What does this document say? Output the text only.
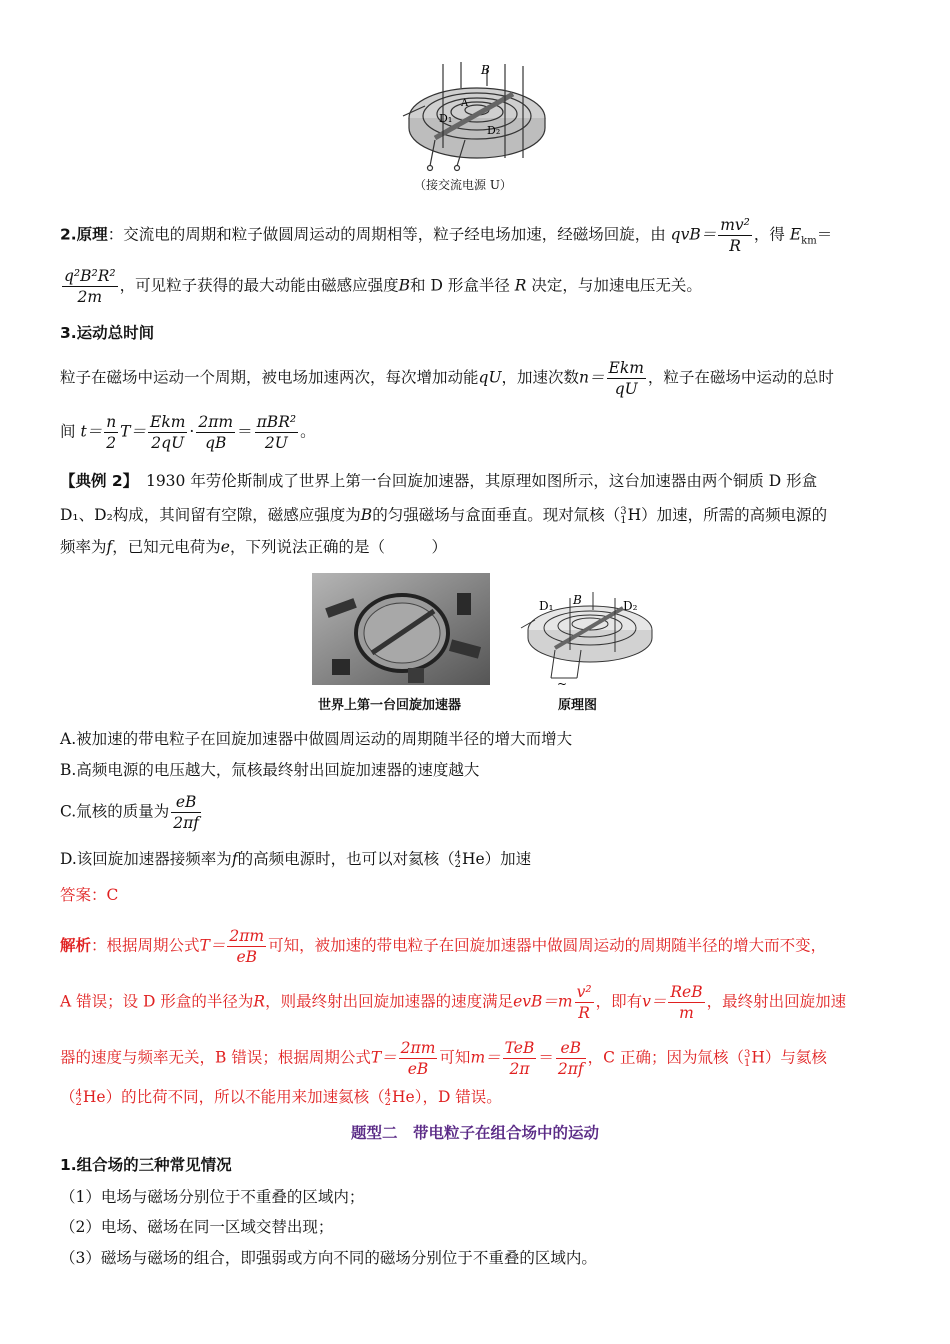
B
A
D₁
D₂
（接交流电源 U）
2.原理：交流电的周期和粒子做圆周运动的周期相等，粒子经电场加速，经磁场回旋，由 $qvB= \frac{\text{mv²}}{R}$ ，得 $E_{km}=$
$\frac{\text{q²B²R²}}{2m}$ ，可见粒子获得的最大动能由磁感应强度B和 D 形盒半径 R 决定，与加速电压无关。
3.运动总时间
粒子在磁场中运动一个周期，被电场加速两次，每次增加动能qU，加速次数$n= \frac{\text{Ekm}}{qU}$ ，粒子在磁场中运动的总时
间 $t= \frac{n}{2} T= \frac{\text{Ekm}}{2qU} \cdot \frac{2\pi m}{qB} = \frac{\text{πBR²}}{2U}$ 。
【典例 2】　 1930 年劳伦斯制成了世界上第一台回旋加速器，其原理如图所示，这台加速器由两个铜质 D 形盒
D₁、D₂构成，其间留有空隙，磁感应强度为B的匀强磁场与盒面垂直。现对氚核（3
1H）加速，所需的高频电源的
频率为f，已知元电荷为e，下列说法正确的是（　　　）
D₁ B	D₂
~
世界上第一台回旋加速器	原理图
A.被加速的带电粒子在回旋加速器中做圆周运动的周期随半径的增大而增大
B.高频电源的电压越大，氚核最终射出回旋加速器的速度越大
C.氚核的质量为 $\frac{eB}{2\pi f}$
D.该回旋加速器接频率为f的高频电源时，也可以对氦核（4
2He）加速
答案：C
解析：根据周期公式$T= \frac{2\pi m}{eB}$ 可知，被加速的带电粒子在回旋加速器中做圆周运动的周期随半径的增大而不变，
A 错误；设 D 形盒的半径为R，则最终射出回旋加速器的速度满足$evB=m \frac{\text{v²}}{R}$ ，即有$v= \frac{\text{ReB}}{m}$ ，最终射出回旋加速
器的速度与频率无关，B 错误；根据周期公式$T= \frac{2\pi m}{eB}$ 可知$m= \frac{\text{TeB}}{2\pi} = \frac{eB}{2\pi f}$ ，C 正确；因为氚核（3
1H）与氦核
（4
2He）的比荷不同，所以不能用来加速氦核（4
2He），D 错误。
题型二　带电粒子在组合场中的运动
1.组合场的三种常见情况
（1）电场与磁场分别位于不重叠的区域内；
（2）电场、磁场在同一区域交替出现；
（3）磁场与磁场的组合，即强弱或方向不同的磁场分别位于不重叠的区域内。
